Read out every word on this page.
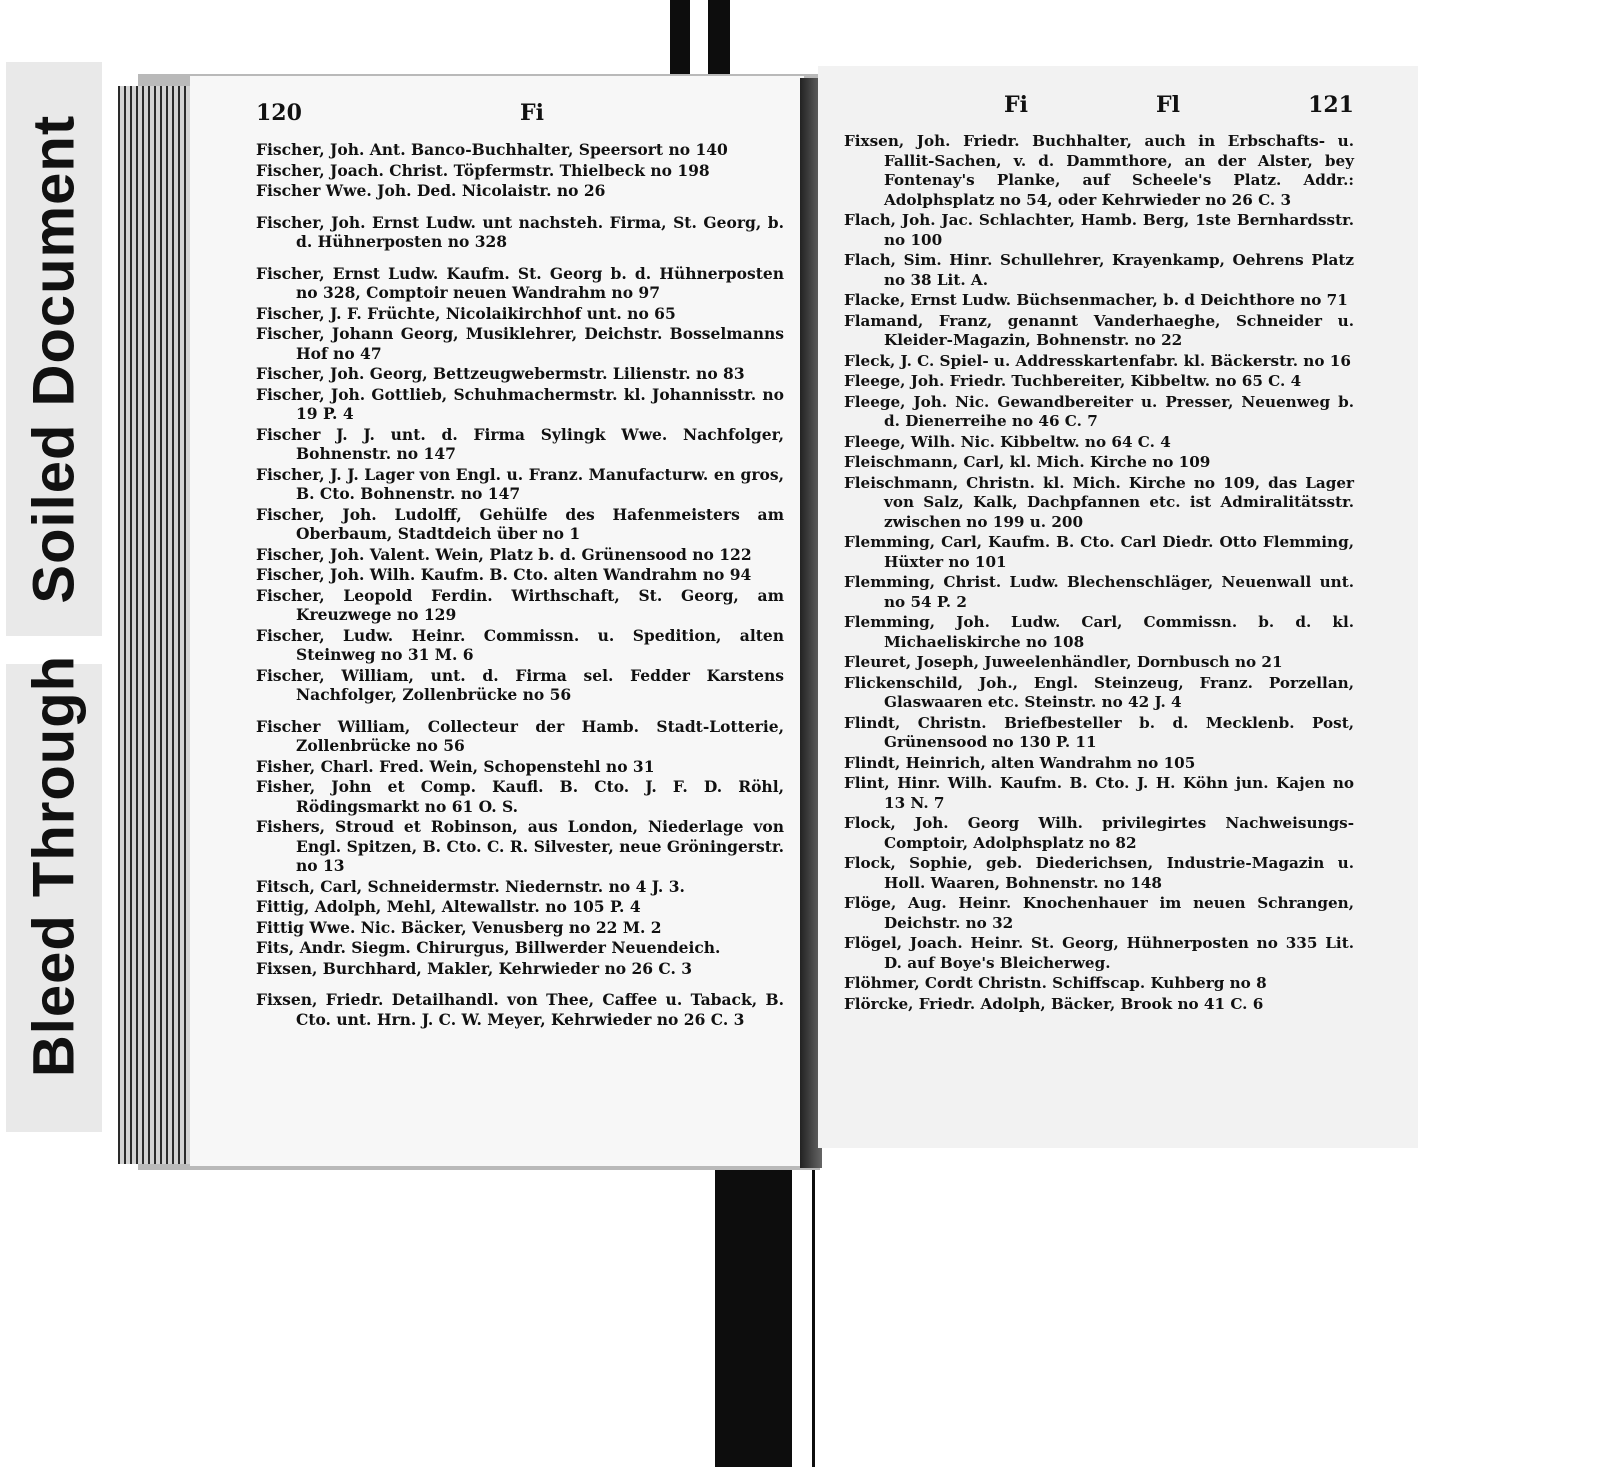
Bleed Through   Soiled Document
120	Fi
Fischer, Joh. Ant. Banco-Buchhalter, Speersort no 140
Fischer, Joach. Christ. Töpfermstr. Thielbeck no 198
Fischer Wwe. Joh. Ded. Nicolaistr. no 26
Fischer, Joh. Ernst Ludw. unt nachsteh. Firma, St. Georg, b. d. Hühnerposten no 328
Fischer, Ernst Ludw. Kaufm. St. Georg b. d. Hühnerposten no 328, Comptoir neuen Wandrahm no 97
Fischer, J. F. Früchte, Nicolaikirchhof unt. no 65
Fischer, Johann Georg, Musiklehrer, Deichstr. Bosselmanns Hof no 47
Fischer, Joh. Georg, Bettzeugwebermstr. Lilienstr. no 83
Fischer, Joh. Gottlieb, Schuhmachermstr. kl. Johannisstr. no 19 P. 4
Fischer J. J. unt. d. Firma Sylingk Wwe. Nachfolger, Bohnenstr. no 147
Fischer, J. J. Lager von Engl. u. Franz. Manufacturw. en gros, B. Cto. Bohnenstr. no 147
Fischer, Joh. Ludolff, Gehülfe des Hafenmeisters am Oberbaum, Stadtdeich über no 1
Fischer, Joh. Valent. Wein, Platz b. d. Grünensood no 122
Fischer, Joh. Wilh. Kaufm. B. Cto. alten Wandrahm no 94
Fischer, Leopold Ferdin. Wirthschaft, St. Georg, am Kreuzwege no 129
Fischer, Ludw. Heinr. Commissn. u. Spedition, alten Steinweg no 31 M. 6
Fischer, William, unt. d. Firma sel. Fedder Karstens Nachfolger, Zollenbrücke no 56
Fischer William, Collecteur der Hamb. Stadt-Lotterie, Zollenbrücke no 56
Fisher, Charl. Fred. Wein, Schopenstehl no 31
Fisher, John et Comp. Kaufl. B. Cto. J. F. D. Röhl, Rödingsmarkt no 61 O. S.
Fishers, Stroud et Robinson, aus London, Niederlage von Engl. Spitzen, B. Cto. C. R. Silvester, neue Gröningerstr. no 13
Fitsch, Carl, Schneidermstr. Niedernstr. no 4 J. 3.
Fittig, Adolph, Mehl, Altewallstr. no 105 P. 4
Fittig Wwe. Nic. Bäcker, Venusberg no 22 M. 2
Fits, Andr. Siegm. Chirurgus, Billwerder Neuendeich.
Fixsen, Burchhard, Makler, Kehrwieder no 26 C. 3
Fixsen, Friedr. Detailhandl. von Thee, Caffee u. Taback, B. Cto. unt. Hrn. J. C. W. Meyer, Kehrwieder no 26 C. 3
Fi	Fl	121
Fixsen, Joh. Friedr. Buchhalter, auch in Erbschafts- u. Fallit-Sachen, v. d. Dammthore, an der Alster, bey Fontenay's Planke, auf Scheele's Platz. Addr.: Adolphsplatz no 54, oder Kehrwieder no 26 C. 3
Flach, Joh. Jac. Schlachter, Hamb. Berg, 1ste Bernhardsstr. no 100
Flach, Sim. Hinr. Schullehrer, Krayenkamp, Oehrens Platz no 38 Lit. A.
Flacke, Ernst Ludw. Büchsenmacher, b. d Deichthore no 71
Flamand, Franz, genannt Vanderhaeghe, Schneider u. Kleider-Magazin, Bohnenstr. no 22
Fleck, J. C. Spiel- u. Addresskartenfabr. kl. Bäckerstr. no 16
Fleege, Joh. Friedr. Tuchbereiter, Kibbeltw. no 65 C. 4
Fleege, Joh. Nic. Gewandbereiter u. Presser, Neuenweg b. d. Dienerreihe no 46 C. 7
Fleege, Wilh. Nic. Kibbeltw. no 64 C. 4
Fleischmann, Carl, kl. Mich. Kirche no 109
Fleischmann, Christn. kl. Mich. Kirche no 109, das Lager von Salz, Kalk, Dachpfannen etc. ist Admiralitätsstr. zwischen no 199 u. 200
Flemming, Carl, Kaufm. B. Cto. Carl Diedr. Otto Flemming, Hüxter no 101
Flemming, Christ. Ludw. Blechenschläger, Neuenwall unt. no 54 P. 2
Flemming, Joh. Ludw. Carl, Commissn. b. d. kl. Michaeliskirche no 108
Fleuret, Joseph, Juweelenhändler, Dornbusch no 21
Flickenschild, Joh., Engl. Steinzeug, Franz. Porzellan, Glaswaaren etc. Steinstr. no 42 J. 4
Flindt, Christn. Briefbesteller b. d. Mecklenb. Post, Grünensood no 130 P. 11
Flindt, Heinrich, alten Wandrahm no 105
Flint, Hinr. Wilh. Kaufm. B. Cto. J. H. Köhn jun. Kajen no 13 N. 7
Flock, Joh. Georg Wilh. privilegirtes Nachweisungs-Comptoir, Adolphsplatz no 82
Flock, Sophie, geb. Diederichsen, Industrie-Magazin u. Holl. Waaren, Bohnenstr. no 148
Flöge, Aug. Heinr. Knochenhauer im neuen Schrangen, Deichstr. no 32
Flögel, Joach. Heinr. St. Georg, Hühnerposten no 335 Lit. D. auf Boye's Bleicherweg.
Flöhmer, Cordt Christn. Schiffscap. Kuhberg no 8
Flörcke, Friedr. Adolph, Bäcker, Brook no 41 C. 6
